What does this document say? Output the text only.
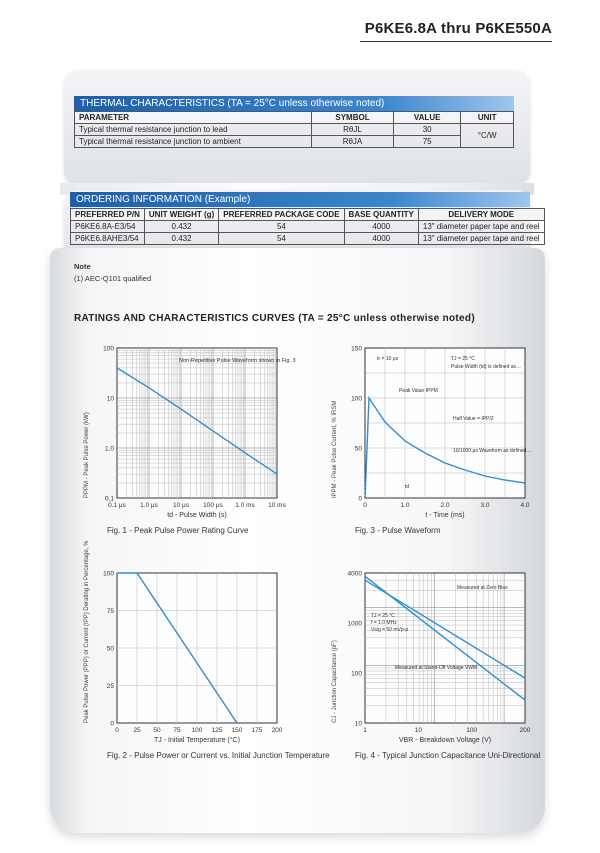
P6KE6.8A thru P6KE550A
THERMAL CHARACTERISTICS (TA = 25°C unless otherwise noted)
PARAMETER	SYMBOL	VALUE	UNIT
Typical thermal resistance junction to lead	RθJL	30	°C/W
Typical thermal resistance junction to ambient	RθJA	75	
ORDERING INFORMATION (Example)
PREFERRED P/N	UNIT WEIGHT (g)	PREFERRED PACKAGE CODE	BASE QUANTITY	DELIVERY MODE
P6KE6.8A-E3/54	0.432	54	4000	13" diameter paper tape and reel
P6KE6.8AHE3/54	0.432	54	4000	13" diameter paper tape and reel
Note
(1) AEC-Q101 qualified
RATINGS AND CHARACTERISTICS CURVES (TA = 25°C unless otherwise noted)
100
10
1.0
0.1
0.1 μs 1.0 μs 10 μs 100 μs 1.0 ms 10 ms
td - Pulse Width (s)
Non-Repetitive Pulse Waveform shown in Fig. 3
PPPM - Peak Pulse Power (kW)
Fig. 1 - Peak Pulse Power Rating Curve
150
100
50
0
0	1.0	2.0	3.0	4.0
t - Time (ms)
tr = 10 μs	TJ = 25 °C
Pulse Width (td) is defined as…
Peak Value IPPM
Half Value = IPP/2
10/1000 μs Waveform as defined…
td
IPPM - Peak Pulse Current, % IRSM
Fig. 3 - Pulse Waveform
100
75
50
25
0
0 25 50 75 100 125 150 175 200
TJ - Initial Temperature (°C)
Peak Pulse Power (PPP) or Current (IPP) Derating in Percentage, %
Fig. 2 - Pulse Power or Current vs. Initial Junction Temperature
4000
1000
100
10
1	10	100	200
VBR - Breakdown Voltage (V)
Measured at Zero Bias
TJ = 25 °C
f = 1.0 MHz
Vsig = 50 mVp-p
Measured at Stand-Off Voltage VWM
CJ - Junction Capacitance (pF)
Fig. 4 - Typical Junction Capacitance Uni-Directional
